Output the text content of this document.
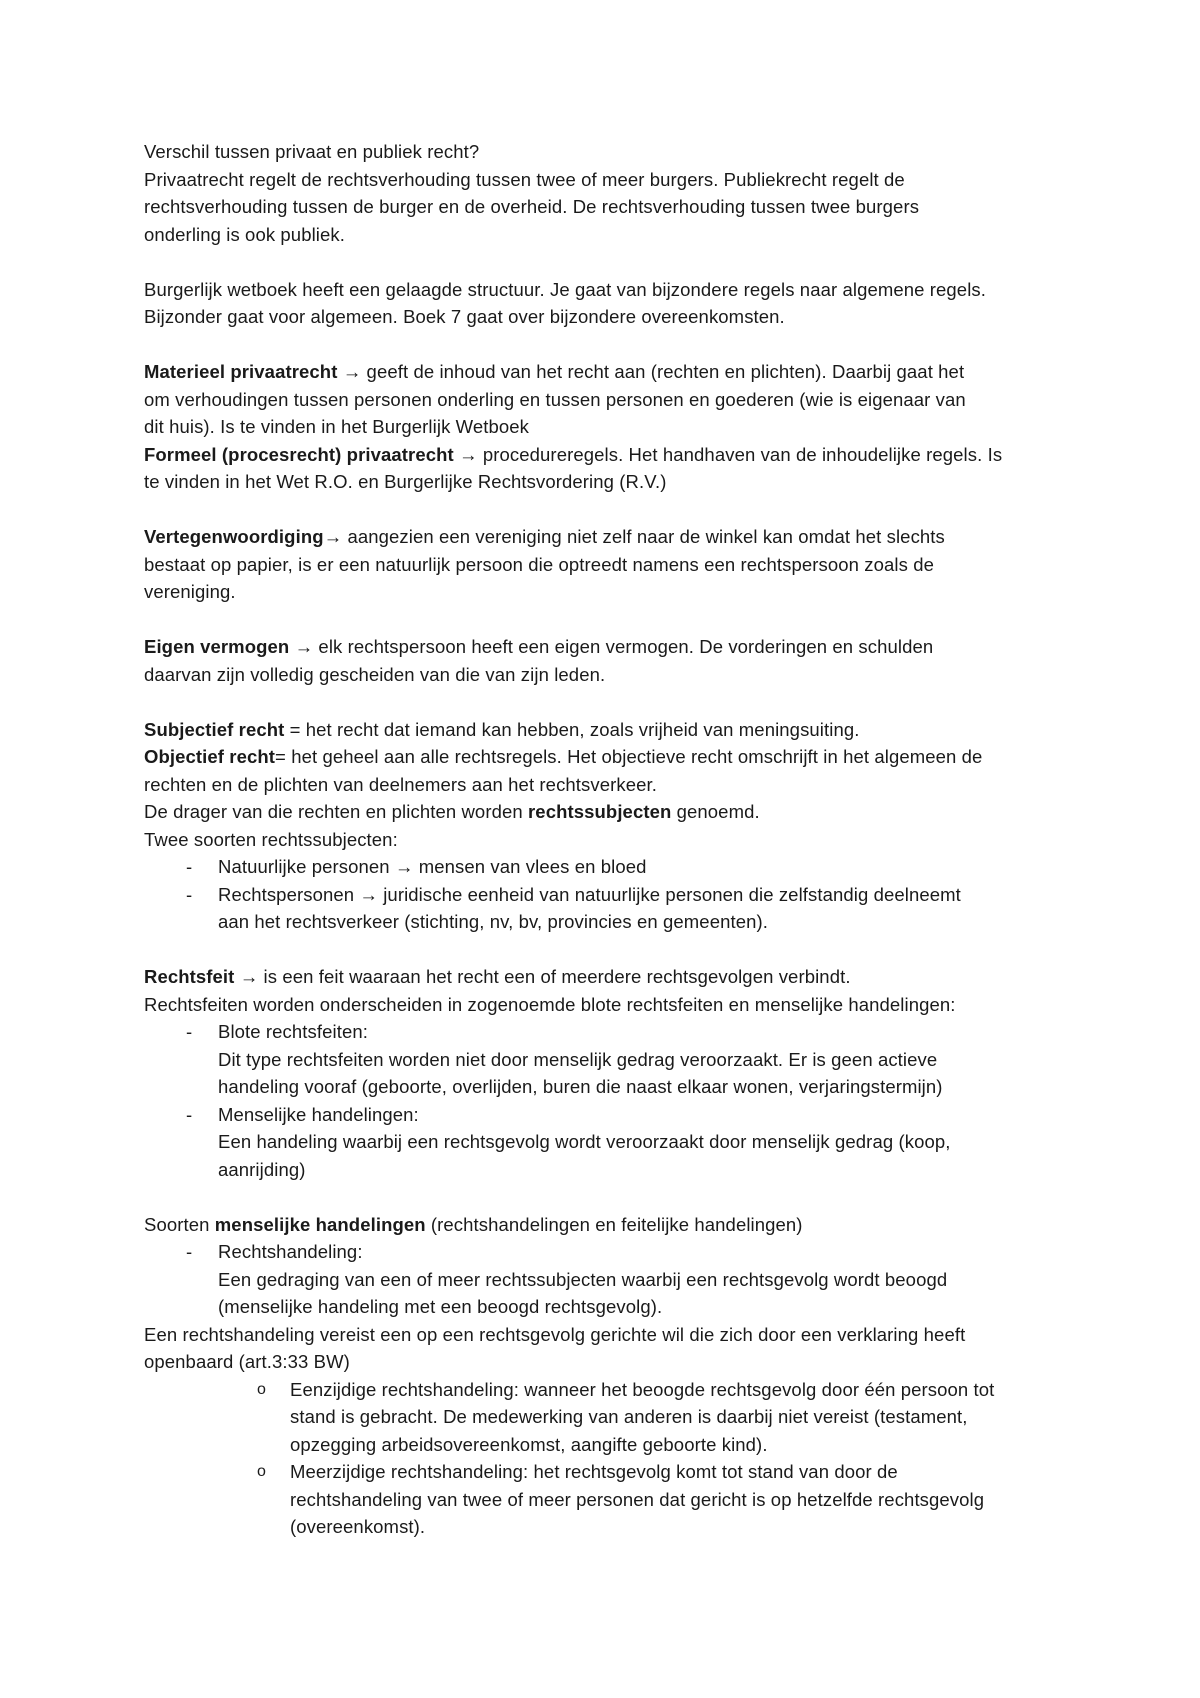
Verschil tussen privaat en publiek recht?
Privaatrecht regelt de rechtsverhouding tussen twee of meer burgers. Publiekrecht regelt de
rechtsverhouding tussen de burger en de overheid. De rechtsverhouding tussen twee burgers
onderling is ook publiek.
Burgerlijk wetboek heeft een gelaagde structuur. Je gaat van bijzondere regels naar algemene regels.
Bijzonder gaat voor algemeen. Boek 7 gaat over bijzondere overeenkomsten.
Materieel privaatrecht → geeft de inhoud van het recht aan (rechten en plichten). Daarbij gaat het
om verhoudingen tussen personen onderling en tussen personen en goederen (wie is eigenaar van
dit huis). Is te vinden in het Burgerlijk Wetboek
Formeel (procesrecht) privaatrecht → procedureregels. Het handhaven van de inhoudelijke regels. Is
te vinden in het Wet R.O. en Burgerlijke Rechtsvordering (R.V.)
Vertegenwoordiging→ aangezien een vereniging niet zelf naar de winkel kan omdat het slechts
bestaat op papier, is er een natuurlijk persoon die optreedt namens een rechtspersoon zoals de
vereniging.
Eigen vermogen → elk rechtspersoon heeft een eigen vermogen. De vorderingen en schulden
daarvan zijn volledig gescheiden van die van zijn leden.
Subjectief recht = het recht dat iemand kan hebben, zoals vrijheid van meningsuiting.
Objectief recht= het geheel aan alle rechtsregels. Het objectieve recht omschrijft in het algemeen de
rechten en de plichten van deelnemers aan het rechtsverkeer.
De drager van die rechten en plichten worden rechtssubjecten genoemd.
Twee soorten rechtssubjecten:
- Natuurlijke personen → mensen van vlees en bloed
- Rechtspersonen → juridische eenheid van natuurlijke personen die zelfstandig deelneemt
aan het rechtsverkeer (stichting, nv, bv, provincies en gemeenten).
Rechtsfeit → is een feit waaraan het recht een of meerdere rechtsgevolgen verbindt.
Rechtsfeiten worden onderscheiden in zogenoemde blote rechtsfeiten en menselijke handelingen:
- Blote rechtsfeiten:
Dit type rechtsfeiten worden niet door menselijk gedrag veroorzaakt. Er is geen actieve
handeling vooraf (geboorte, overlijden, buren die naast elkaar wonen, verjaringstermijn)
- Menselijke handelingen:
Een handeling waarbij een rechtsgevolg wordt veroorzaakt door menselijk gedrag (koop,
aanrijding)
Soorten menselijke handelingen (rechtshandelingen en feitelijke handelingen)
- Rechtshandeling:
Een gedraging van een of meer rechtssubjecten waarbij een rechtsgevolg wordt beoogd
(menselijke handeling met een beoogd rechtsgevolg).
Een rechtshandeling vereist een op een rechtsgevolg gerichte wil die zich door een verklaring heeft
openbaard (art.3:33 BW)
o Eenzijdige rechtshandeling: wanneer het beoogde rechtsgevolg door één persoon tot
stand is gebracht. De medewerking van anderen is daarbij niet vereist (testament,
opzegging arbeidsovereenkomst, aangifte geboorte kind).
o Meerzijdige rechtshandeling: het rechtsgevolg komt tot stand van door de
rechtshandeling van twee of meer personen dat gericht is op hetzelfde rechtsgevolg
(overeenkomst).
